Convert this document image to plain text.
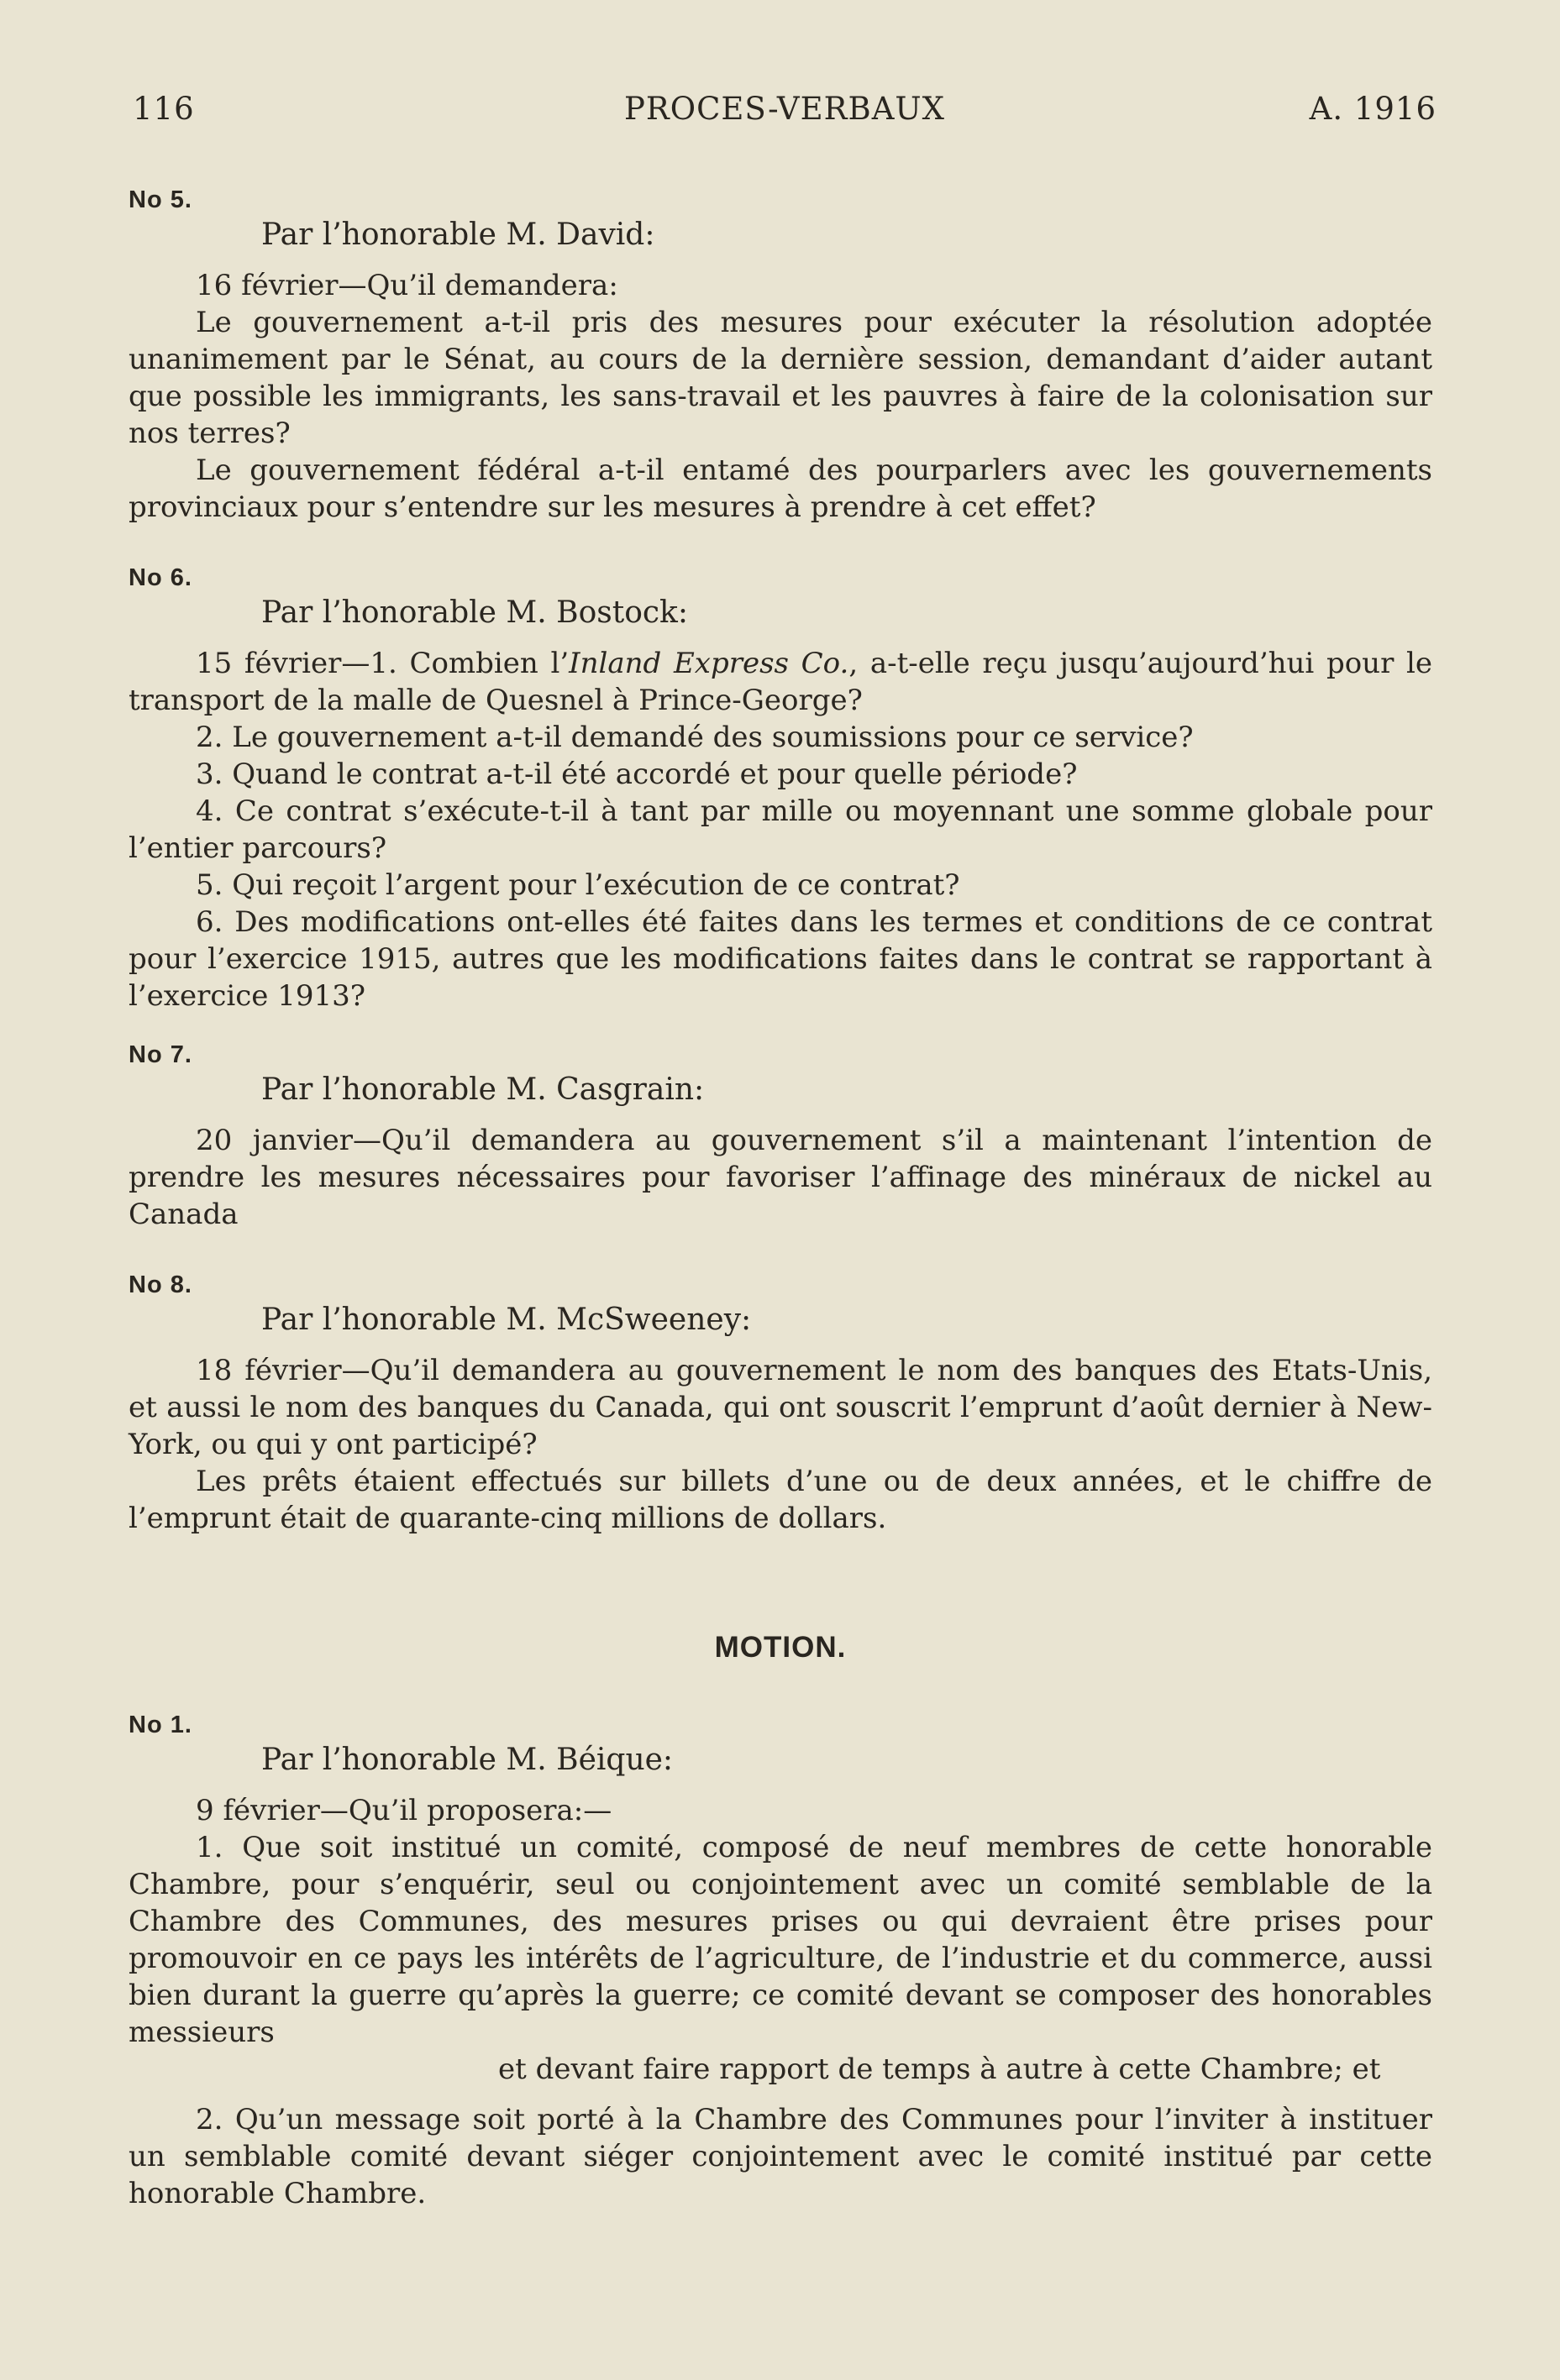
116	PROCES-VERBAUX	A. 1916

No 5.

Par l’honorable M. David:

16 février—Qu’il demandera:

Le gouvernement a-t-il pris des mesures pour exécuter la résolution adoptée unanimement par le Sénat, au cours de la dernière session, demandant d’aider autant que possible les immigrants, les sans-travail et les pauvres à faire de la colonisation sur nos terres?

Le gouvernement fédéral a-t-il entamé des pourparlers avec les gouvernements provinciaux pour s’entendre sur les mesures à prendre à cet effet?

No 6.

Par l’honorable M. Bostock:

15 février—1. Combien l’Inland Express Co., a-t-elle reçu jusqu’aujourd’hui pour le transport de la malle de Quesnel à Prince-George?

2. Le gouvernement a-t-il demandé des soumissions pour ce service?

3. Quand le contrat a-t-il été accordé et pour quelle période?

4. Ce contrat s’exécute-t-il à tant par mille ou moyennant une somme globale pour l’entier parcours?

5. Qui reçoit l’argent pour l’exécution de ce contrat?

6. Des modifications ont-elles été faites dans les termes et conditions de ce contrat pour l’exercice 1915, autres que les modifications faites dans le contrat se rapportant à l’exercice 1913?

No 7.

Par l’honorable M. Casgrain:

20 janvier—Qu’il demandera au gouvernement s’il a maintenant l’intention de prendre les mesures nécessaires pour favoriser l’affinage des minéraux de nickel au Canada

No 8.

Par l’honorable M. McSweeney:

18 février—Qu’il demandera au gouvernement le nom des banques des Etats-Unis, et aussi le nom des banques du Canada, qui ont souscrit l’emprunt d’août dernier à New-York, ou qui y ont participé?

Les prêts étaient effectués sur billets d’une ou de deux années, et le chiffre de l’emprunt était de quarante-cinq millions de dollars.

MOTION.

No 1.

Par l’honorable M. Béique:

9 février—Qu’il proposera:—

1. Que soit institué un comité, composé de neuf membres de cette honorable Chambre, pour s’enquérir, seul ou conjointement avec un comité semblable de la Chambre des Communes, des mesures prises ou qui devraient être prises pour promouvoir en ce pays les intérêts de l’agriculture, de l’industrie et du commerce, aussi bien durant la guerre qu’après la guerre; ce comité devant se composer des honorables messieurs

et devant faire rapport de temps à autre à cette Chambre; et

2. Qu’un message soit porté à la Chambre des Communes pour l’inviter à instituer un semblable comité devant siéger conjointement avec le comité institué par cette honorable Chambre.
